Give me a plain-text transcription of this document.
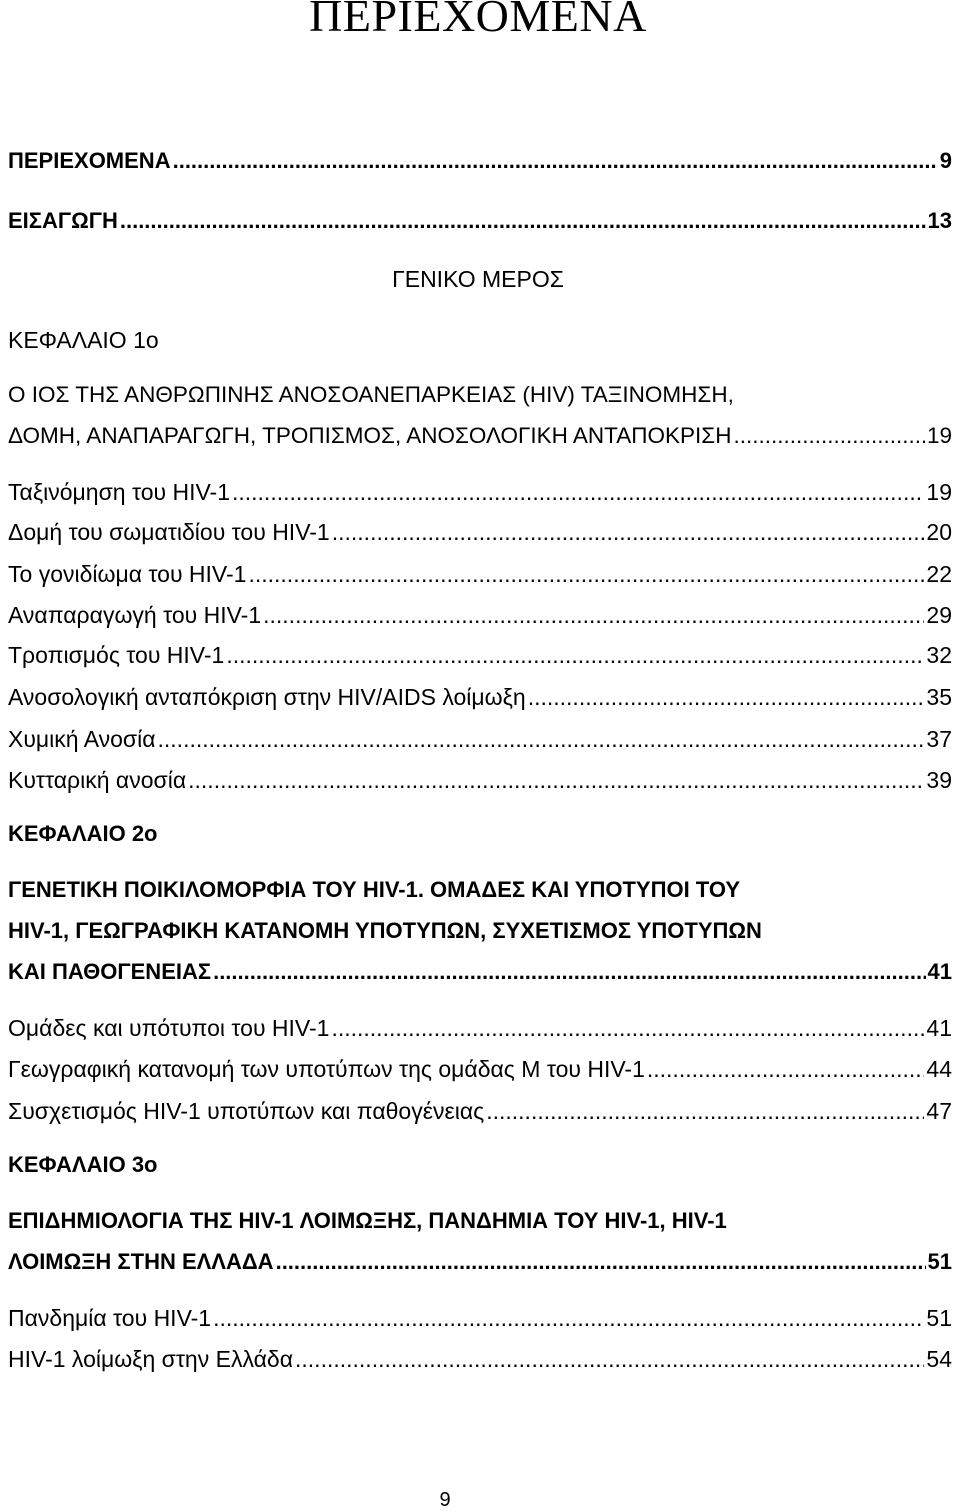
ΠΕΡΙΕΧΟΜΕΝΑ
ΠΕΡΙΕΧΟΜΕΝΑ .....	9
ΕΙΣΑΓΩΓΗ .....	13
ΓΕΝΙΚΟ ΜΕΡΟΣ
ΚΕΦΑΛΑΙΟ 1ο
Ο ΙΟΣ ΤΗΣ ΑΝΘΡΩΠΙΝΗΣ ΑΝΟΣΟΑΝΕΠΑΡΚΕΙΑΣ (HIV) ΤΑΞΙΝΟΜΗΣΗ,
ΔΟΜΗ, ΑΝΑΠΑΡΑΓΩΓΗ, ΤΡΟΠΙΣΜΟΣ, ΑΝΟΣΟΛΟΓΙΚΗ ΑΝΤΑΠΟΚΡΙΣΗ .....	19
Ταξινόμηση του HIV-1 .....	19
Δομή του σωματιδίου του HIV-1 .....	20
Το γονιδίωμα του HIV-1 .....	22
Αναπαραγωγή του HIV-1 .....	29
Τροπισμός του HIV-1 .....	32
Ανοσολογική ανταπόκριση στην HIV/AIDS λοίμωξη .....	35
Χυμική Ανοσία .....	37
Κυτταρική ανοσία .....	39
ΚΕΦΑΛΑΙΟ 2ο
ΓΕΝΕΤΙΚΗ ΠΟΙΚΙΛΟΜΟΡΦΙΑ ΤΟΥ HIV-1. ΟΜΑΔΕΣ ΚΑΙ ΥΠΟΤΥΠΟΙ ΤΟΥ
HIV-1, ΓΕΩΓΡΑΦΙΚΗ ΚΑΤΑΝΟΜΗ ΥΠΟΤΥΠΩΝ, ΣΥΧΕΤΙΣΜΟΣ ΥΠΟΤΥΠΩΝ
ΚΑΙ ΠΑΘΟΓΕΝΕΙΑΣ .....	41
Ομάδες και υπότυποι του HIV-1 .....	41
Γεωγραφική κατανομή των υποτύπων της ομάδας Μ του HIV-1 .....	44
Συσχετισμός HIV-1 υποτύπων και παθογένειας .....	47
ΚΕΦΑΛΑΙΟ 3ο
ΕΠΙΔΗΜΙΟΛΟΓΙΑ ΤΗΣ HIV-1 ΛΟΙΜΩΞΗΣ, ΠΑΝΔΗΜΙΑ ΤΟΥ HIV-1, HIV-1
ΛΟΙΜΩΞΗ ΣΤΗΝ ΕΛΛΑΔΑ .....	51
Πανδημία του HIV-1 .....	51
HIV-1 λοίμωξη στην Ελλάδα .....	54
9
